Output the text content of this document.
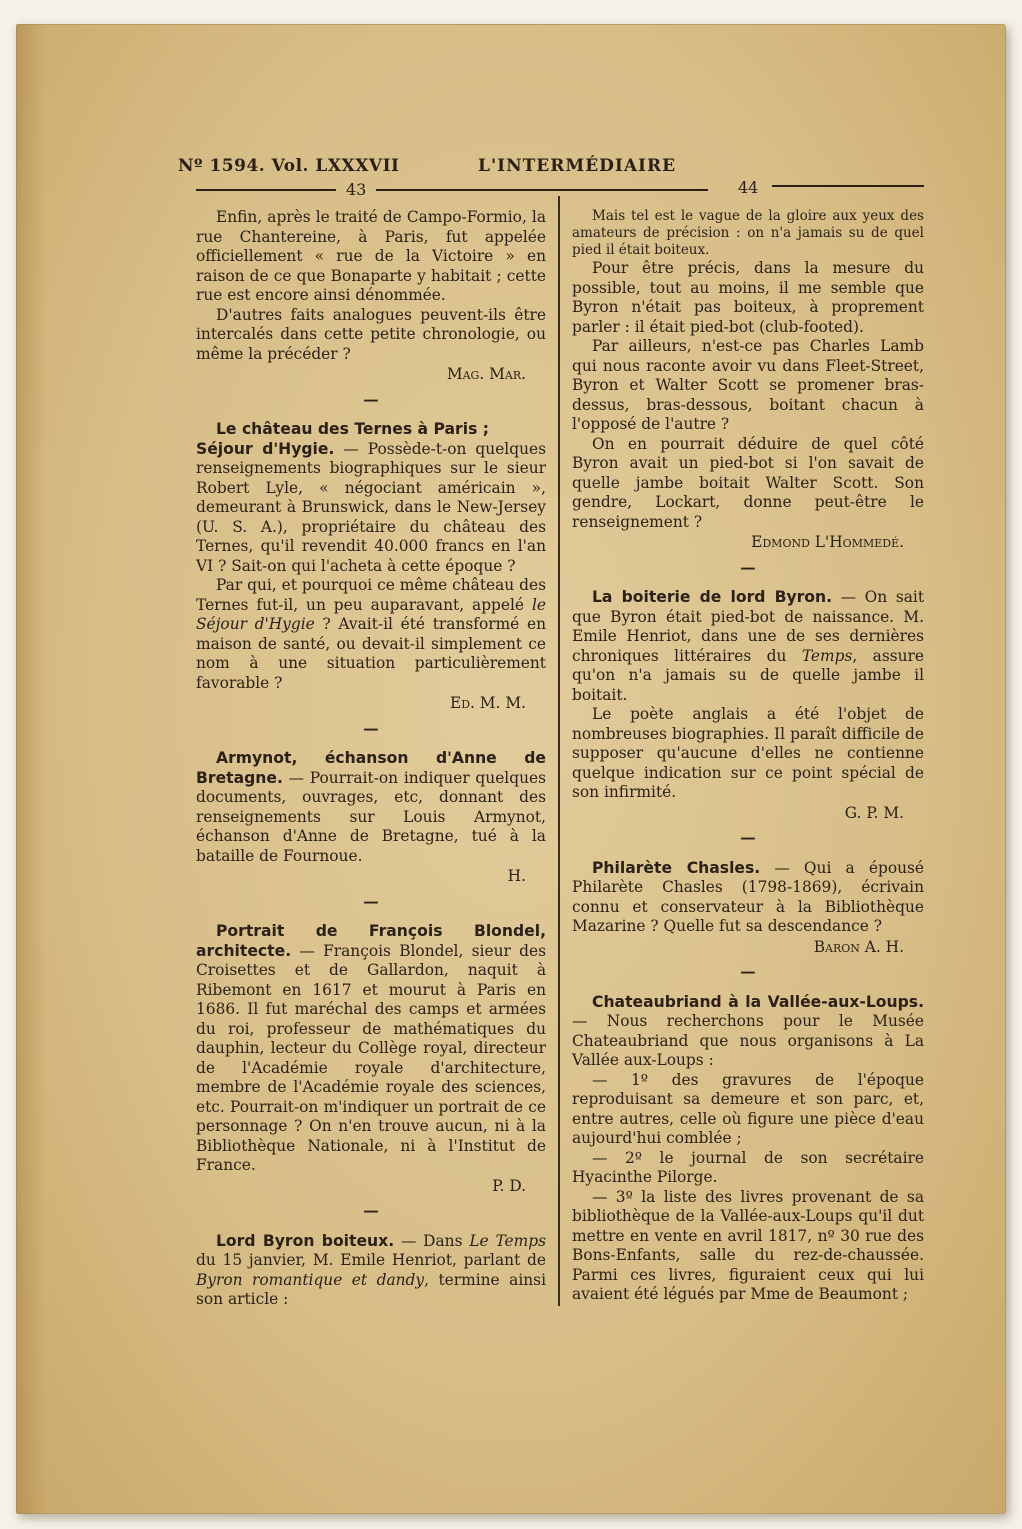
Nº 1594. Vol. LXXXVII	L'INTERMÉDIAIRE
43	44

Enfin, après le traité de Campo-Formio, la rue Chantereine, à Paris, fut appelée officiellement « rue de la Victoire » en raison de ce que Bonaparte y habitait ; cette rue est encore ainsi dénommée.

D'autres faits analogues peuvent-ils être intercalés dans cette petite chronologie, ou même la précéder ?

Mag. Mar.

—

Le château des Ternes à Paris ;

Séjour d'Hygie. — Possède-t-on quelques renseignements biographiques sur le sieur Robert Lyle, « négociant américain », demeurant à Brunswick, dans le New-Jersey (U. S. A.), propriétaire du château des Ternes, qu'il revendit 40.000 francs en l'an VI ? Sait-on qui l'acheta à cette époque ?

Par qui, et pourquoi ce même château des Ternes fut-il, un peu auparavant, appelé le Séjour d'Hygie ? Avait-il été transformé en maison de santé, ou devait-il simplement ce nom à une situation particulièrement favorable ?

Ed. M. M.

—

Armynot, échanson d'Anne de Bretagne. — Pourrait-on indiquer quelques documents, ouvrages, etc, donnant des renseignements sur Louis Armynot, échanson d'Anne de Bretagne, tué à la bataille de Fournoue.

H.

—

Portrait de François Blondel, architecte. — François Blondel, sieur des Croisettes et de Gallardon, naquit à Ribemont en 1617 et mourut à Paris en 1686. Il fut maréchal des camps et armées du roi, professeur de mathématiques du dauphin, lecteur du Collège royal, directeur de l'Académie royale d'architecture, membre de l'Académie royale des sciences, etc. Pourrait-on m'indiquer un portrait de ce personnage ? On n'en trouve aucun, ni à la Bibliothèque Nationale, ni à l'Institut de France.

P. D.

—

Lord Byron boiteux. — Dans Le Temps du 15 janvier, M. Emile Henriot, parlant de Byron romantique et dandy, termine ainsi son article :

Mais tel est le vague de la gloire aux yeux des amateurs de précision : on n'a jamais su de quel pied il était boiteux.

Pour être précis, dans la mesure du possible, tout au moins, il me semble que Byron n'était pas boiteux, à proprement parler : il était pied-bot (club-footed).

Par ailleurs, n'est-ce pas Charles Lamb qui nous raconte avoir vu dans Fleet-Street, Byron et Walter Scott se promener bras-dessus, bras-dessous, boitant chacun à l'opposé de l'autre ?

On en pourrait déduire de quel côté Byron avait un pied-bot si l'on savait de quelle jambe boitait Walter Scott. Son gendre, Lockart, donne peut-être le renseignement ?

Edmond L'Hommedé.

—

La boiterie de lord Byron. — On sait que Byron était pied-bot de naissance. M. Emile Henriot, dans une de ses dernières chroniques littéraires du Temps, assure qu'on n'a jamais su de quelle jambe il boitait.

Le poète anglais a été l'objet de nombreuses biographies. Il paraît difficile de supposer qu'aucune d'elles ne contienne quelque indication sur ce point spécial de son infirmité.

G. P. M.

—

Philarète Chasles. — Qui a épousé Philarète Chasles (1798-1869), écrivain connu et conservateur à la Bibliothèque Mazarine ? Quelle fut sa descendance ?

Baron A. H.

—

Chateaubriand à la Vallée-aux-Loups. — Nous recherchons pour le Musée Chateaubriand que nous organisons à La Vallée aux-Loups :

— 1º des gravures de l'époque reproduisant sa demeure et son parc, et, entre autres, celle où figure une pièce d'eau aujourd'hui comblée ;

— 2º le journal de son secrétaire Hyacinthe Pilorge.

— 3º la liste des livres provenant de sa bibliothèque de la Vallée-aux-Loups qu'il dut mettre en vente en avril 1817, nº 30 rue des Bons-Enfants, salle du rez-de-chaussée. Parmi ces livres, figuraient ceux qui lui avaient été légués par Mme de Beaumont ;
